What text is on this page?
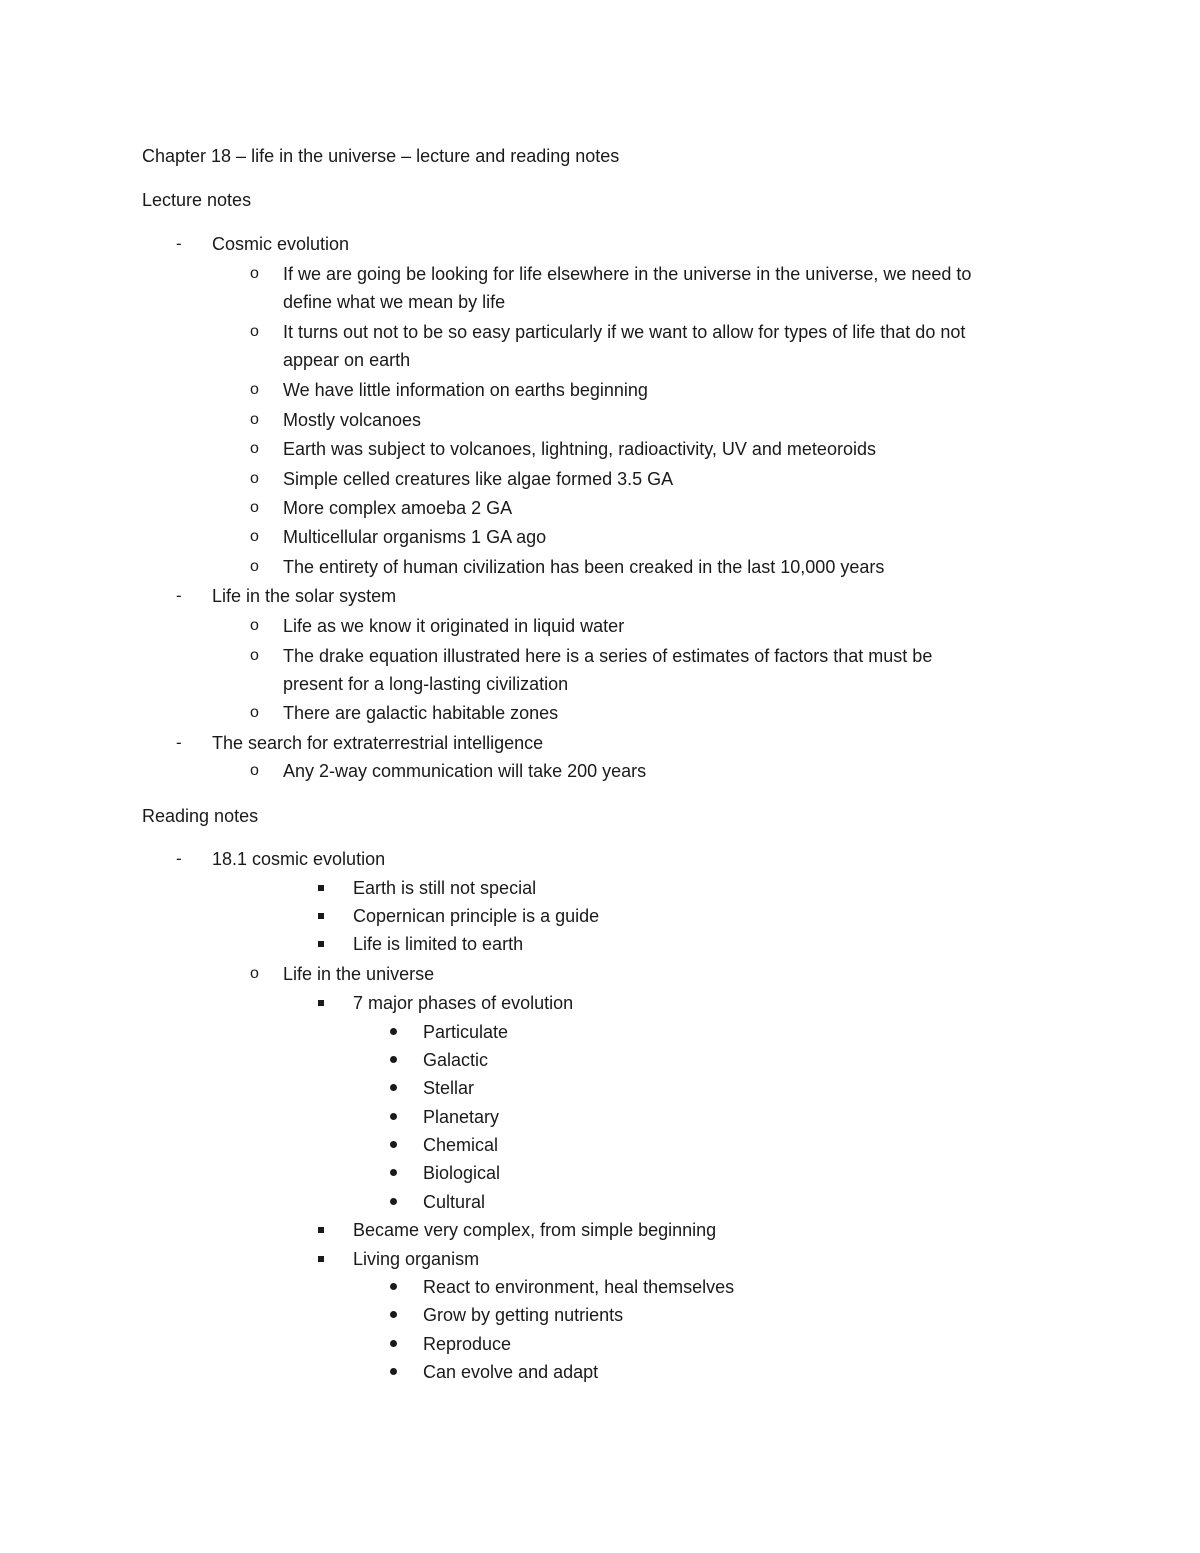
Chapter 18 – life in the universe – lecture and reading notes
Lecture notes
- Cosmic evolution
o If we are going be looking for life elsewhere in the universe in the universe, we need to
define what we mean by life
o It turns out not to be so easy particularly if we want to allow for types of life that do not
appear on earth
o We have little information on earths beginning
o Mostly volcanoes
o Earth was subject to volcanoes, lightning, radioactivity, UV and meteoroids
o Simple celled creatures like algae formed 3.5 GA
o More complex amoeba 2 GA
o Multicellular organisms 1 GA ago
o The entirety of human civilization has been creaked in the last 10,000 years
- Life in the solar system
o Life as we know it originated in liquid water
o The drake equation illustrated here is a series of estimates of factors that must be
present for a long-lasting civilization
o There are galactic habitable zones
- The search for extraterrestrial intelligence
o Any 2-way communication will take 200 years
Reading notes
- 18.1 cosmic evolution
Earth is still not special
Copernican principle is a guide
Life is limited to earth
o Life in the universe
7 major phases of evolution
Particulate
Galactic
Stellar
Planetary
Chemical
Biological
Cultural
Became very complex, from simple beginning
Living organism
React to environment, heal themselves
Grow by getting nutrients
Reproduce
Can evolve and adapt
